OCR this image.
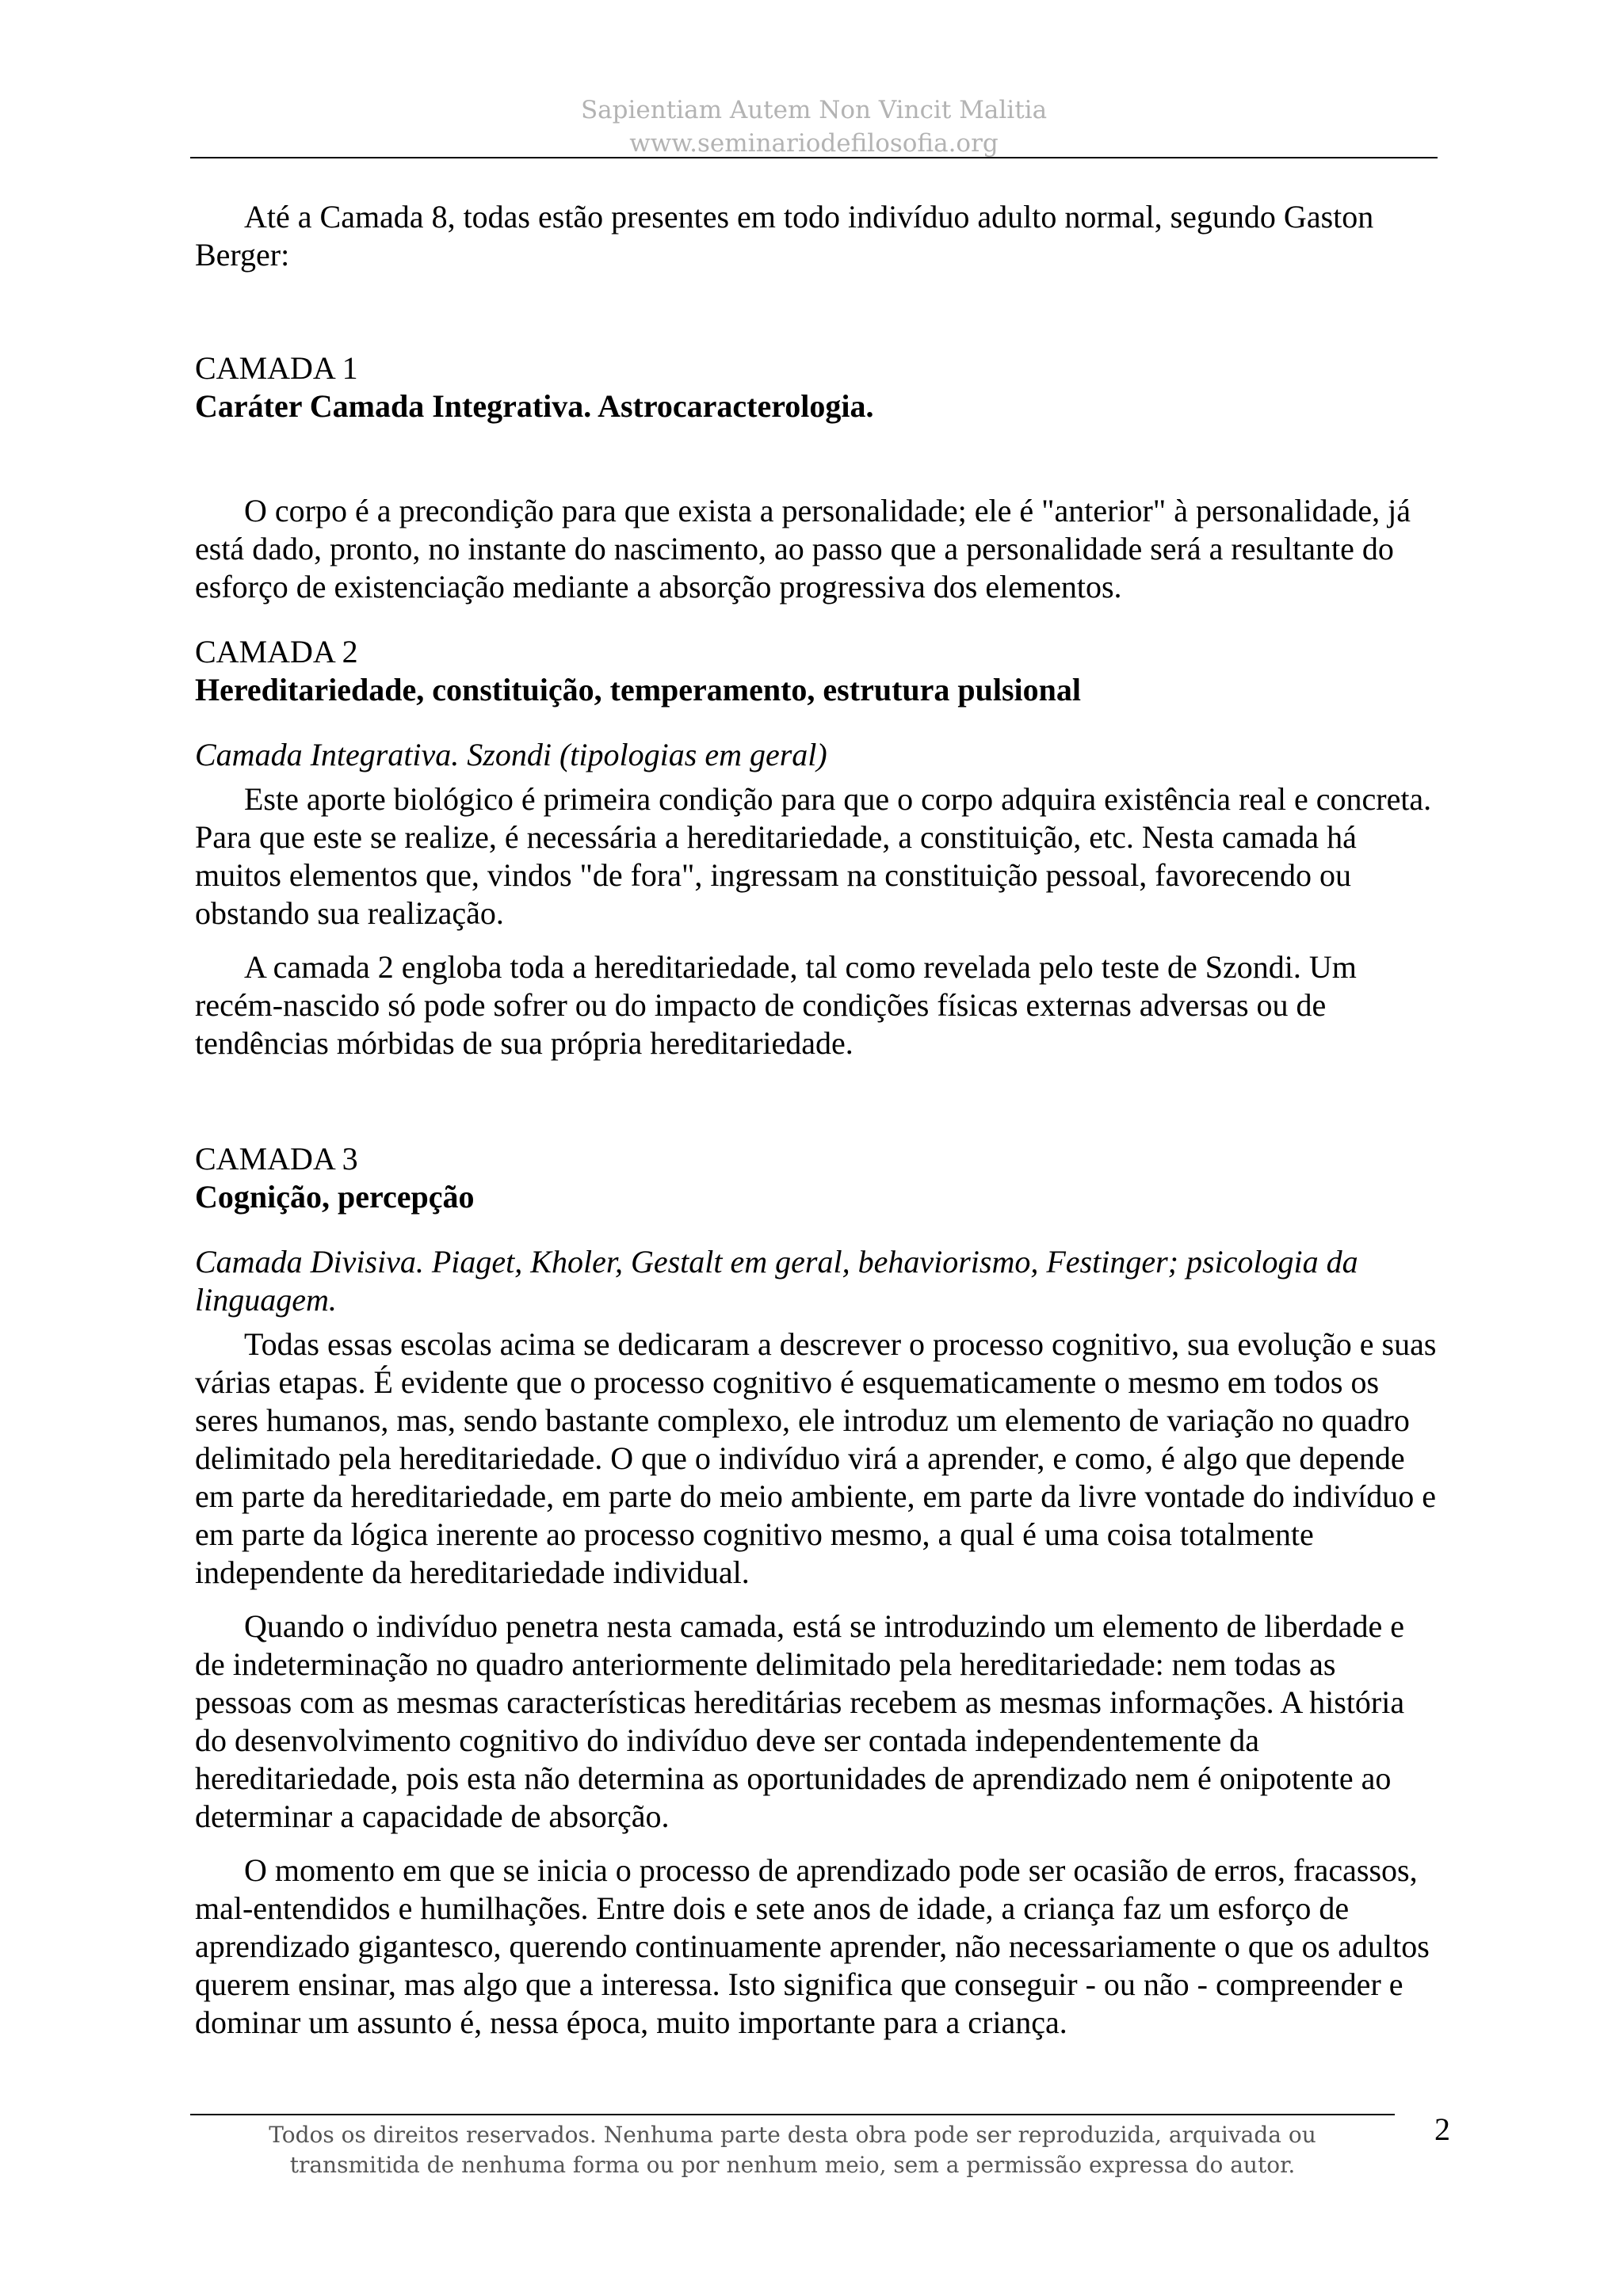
Sapientiam Autem Non Vincit Malitia
www.seminariodefilosofia.org

Até a Camada 8, todas estão presentes em todo indivíduo adulto normal, segundo Gaston Berger:

CAMADA 1

Caráter Camada Integrativa. Astrocaracterologia.

O corpo é a precondição para que exista a personalidade; ele é "anterior" à personalidade, já está dado, pronto, no instante do nascimento, ao passo que a personalidade será a resultante do esforço de existenciação mediante a absorção progressiva dos elementos.

CAMADA 2

Hereditariedade, constituição, temperamento, estrutura pulsional

Camada Integrativa. Szondi (tipologias em geral)

Este aporte biológico é primeira condição para que o corpo adquira existência real e concreta. Para que este se realize, é necessária a hereditariedade, a constituição, etc. Nesta camada há muitos elementos que, vindos "de fora", ingressam na constituição pessoal, favorecendo ou obstando sua realização.

A camada 2 engloba toda a hereditariedade, tal como revelada pelo teste de Szondi. Um recém-nascido só pode sofrer ou do impacto de condições físicas externas adversas ou de tendências mórbidas de sua própria hereditariedade.

CAMADA 3

Cognição, percepção

Camada Divisiva. Piaget, Kholer, Gestalt em geral, behaviorismo, Festinger; psicologia da linguagem.

Todas essas escolas acima se dedicaram a descrever o processo cognitivo, sua evolução e suas várias etapas. É evidente que o processo cognitivo é esquematicamente o mesmo em todos os seres humanos, mas, sendo bastante complexo, ele introduz um elemento de variação no quadro delimitado pela hereditariedade. O que o indivíduo virá a aprender, e como, é algo que depende em parte da hereditariedade, em parte do meio ambiente, em parte da livre vontade do indivíduo e em parte da lógica inerente ao processo cognitivo mesmo, a qual é uma coisa totalmente independente da hereditariedade individual.

Quando o indivíduo penetra nesta camada, está se introduzindo um elemento de liberdade e de indeterminação no quadro anteriormente delimitado pela hereditariedade: nem todas as pessoas com as mesmas características hereditárias recebem as mesmas informações. A história do desenvolvimento cognitivo do indivíduo deve ser contada independentemente da hereditariedade, pois esta não determina as oportunidades de aprendizado nem é onipotente ao determinar a capacidade de absorção.

O momento em que se inicia o processo de aprendizado pode ser ocasião de erros, fracassos, mal-entendidos e humilhações. Entre dois e sete anos de idade, a criança faz um esforço de aprendizado gigantesco, querendo continuamente aprender, não necessariamente o que os adultos querem ensinar, mas algo que a interessa. Isto significa que conseguir - ou não - compreender e dominar um assunto é, nessa época, muito importante para a criança.

Todos os direitos reservados. Nenhuma parte desta obra pode ser reproduzida, arquivada ou
transmitida de nenhuma forma ou por nenhum meio, sem a permissão expressa do autor.
2
